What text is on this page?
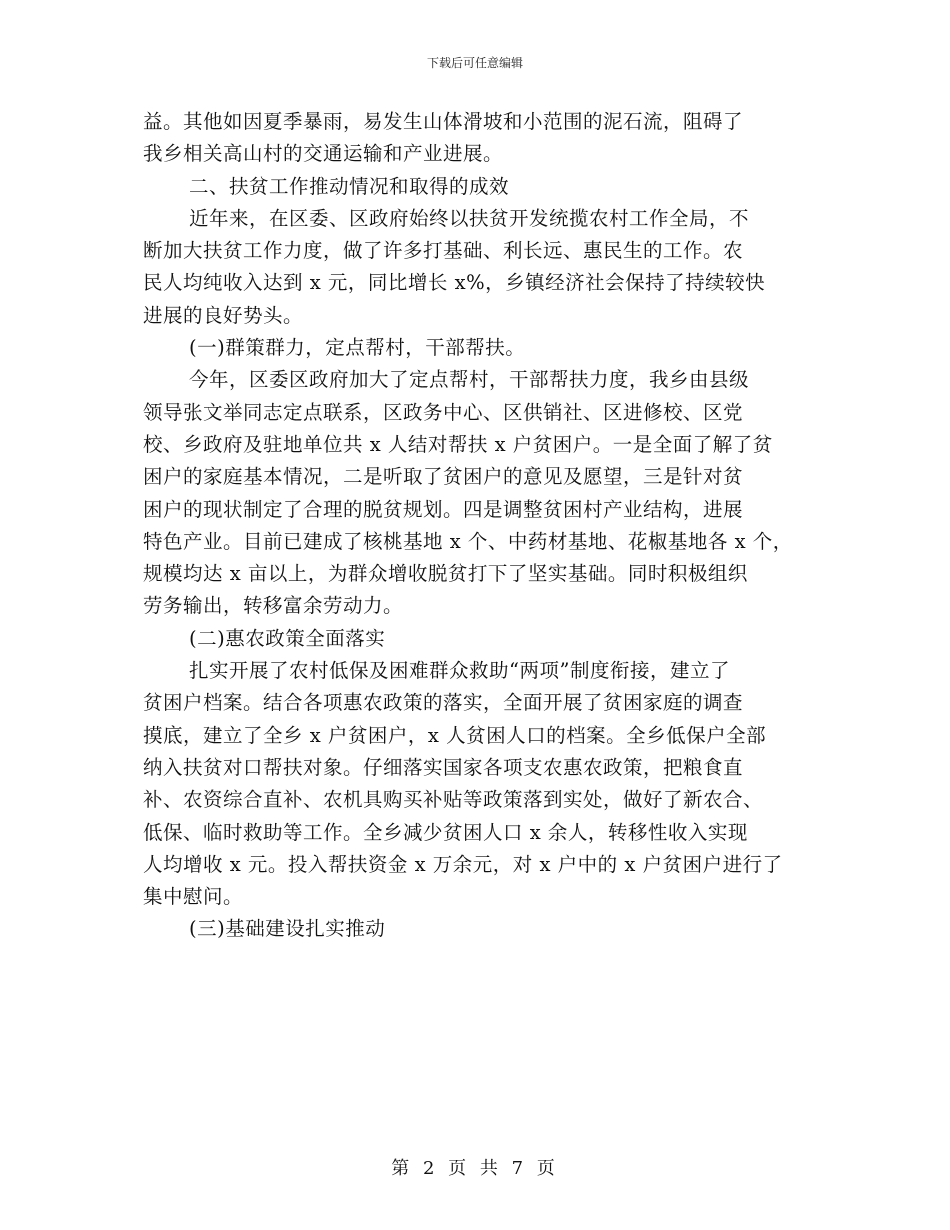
下载后可任意编辑
益。其他如因夏季暴雨，易发生山体滑坡和小范围的泥石流，阻碍了
我乡相关高山村的交通运输和产业进展。
二、扶贫工作推动情况和取得的成效
近年来，在区委、区政府始终以扶贫开发统揽农村工作全局，不
断加大扶贫工作力度，做了许多打基础、利长远、惠民生的工作。农
民人均纯收入达到 x 元，同比增长 x%，乡镇经济社会保持了持续较快
进展的良好势头。
(一)群策群力，定点帮村，干部帮扶。
今年，区委区政府加大了定点帮村，干部帮扶力度，我乡由县级
领导张文举同志定点联系，区政务中心、区供销社、区进修校、区党
校、乡政府及驻地单位共 x 人结对帮扶 x 户贫困户。一是全面了解了贫
困户的家庭基本情况，二是听取了贫困户的意见及愿望，三是针对贫
困户的现状制定了合理的脱贫规划。四是调整贫困村产业结构，进展
特色产业。目前已建成了核桃基地 x 个、中药材基地、花椒基地各 x 个，
规模均达 x 亩以上，为群众增收脱贫打下了坚实基础。同时积极组织
劳务输出，转移富余劳动力。
(二)惠农政策全面落实
扎实开展了农村低保及困难群众救助“两项”制度衔接，建立了
贫困户档案。结合各项惠农政策的落实，全面开展了贫困家庭的调查
摸底，建立了全乡 x 户贫困户，x 人贫困人口的档案。全乡低保户全部
纳入扶贫对口帮扶对象。仔细落实国家各项支农惠农政策，把粮食直
补、农资综合直补、农机具购买补贴等政策落到实处，做好了新农合、
低保、临时救助等工作。全乡减少贫困人口 x 余人，转移性收入实现
人均增收 x 元。投入帮扶资金 x 万余元，对 x 户中的 x 户贫困户进行了
集中慰问。
(三)基础建设扎实推动
第 2 页 共 7 页
